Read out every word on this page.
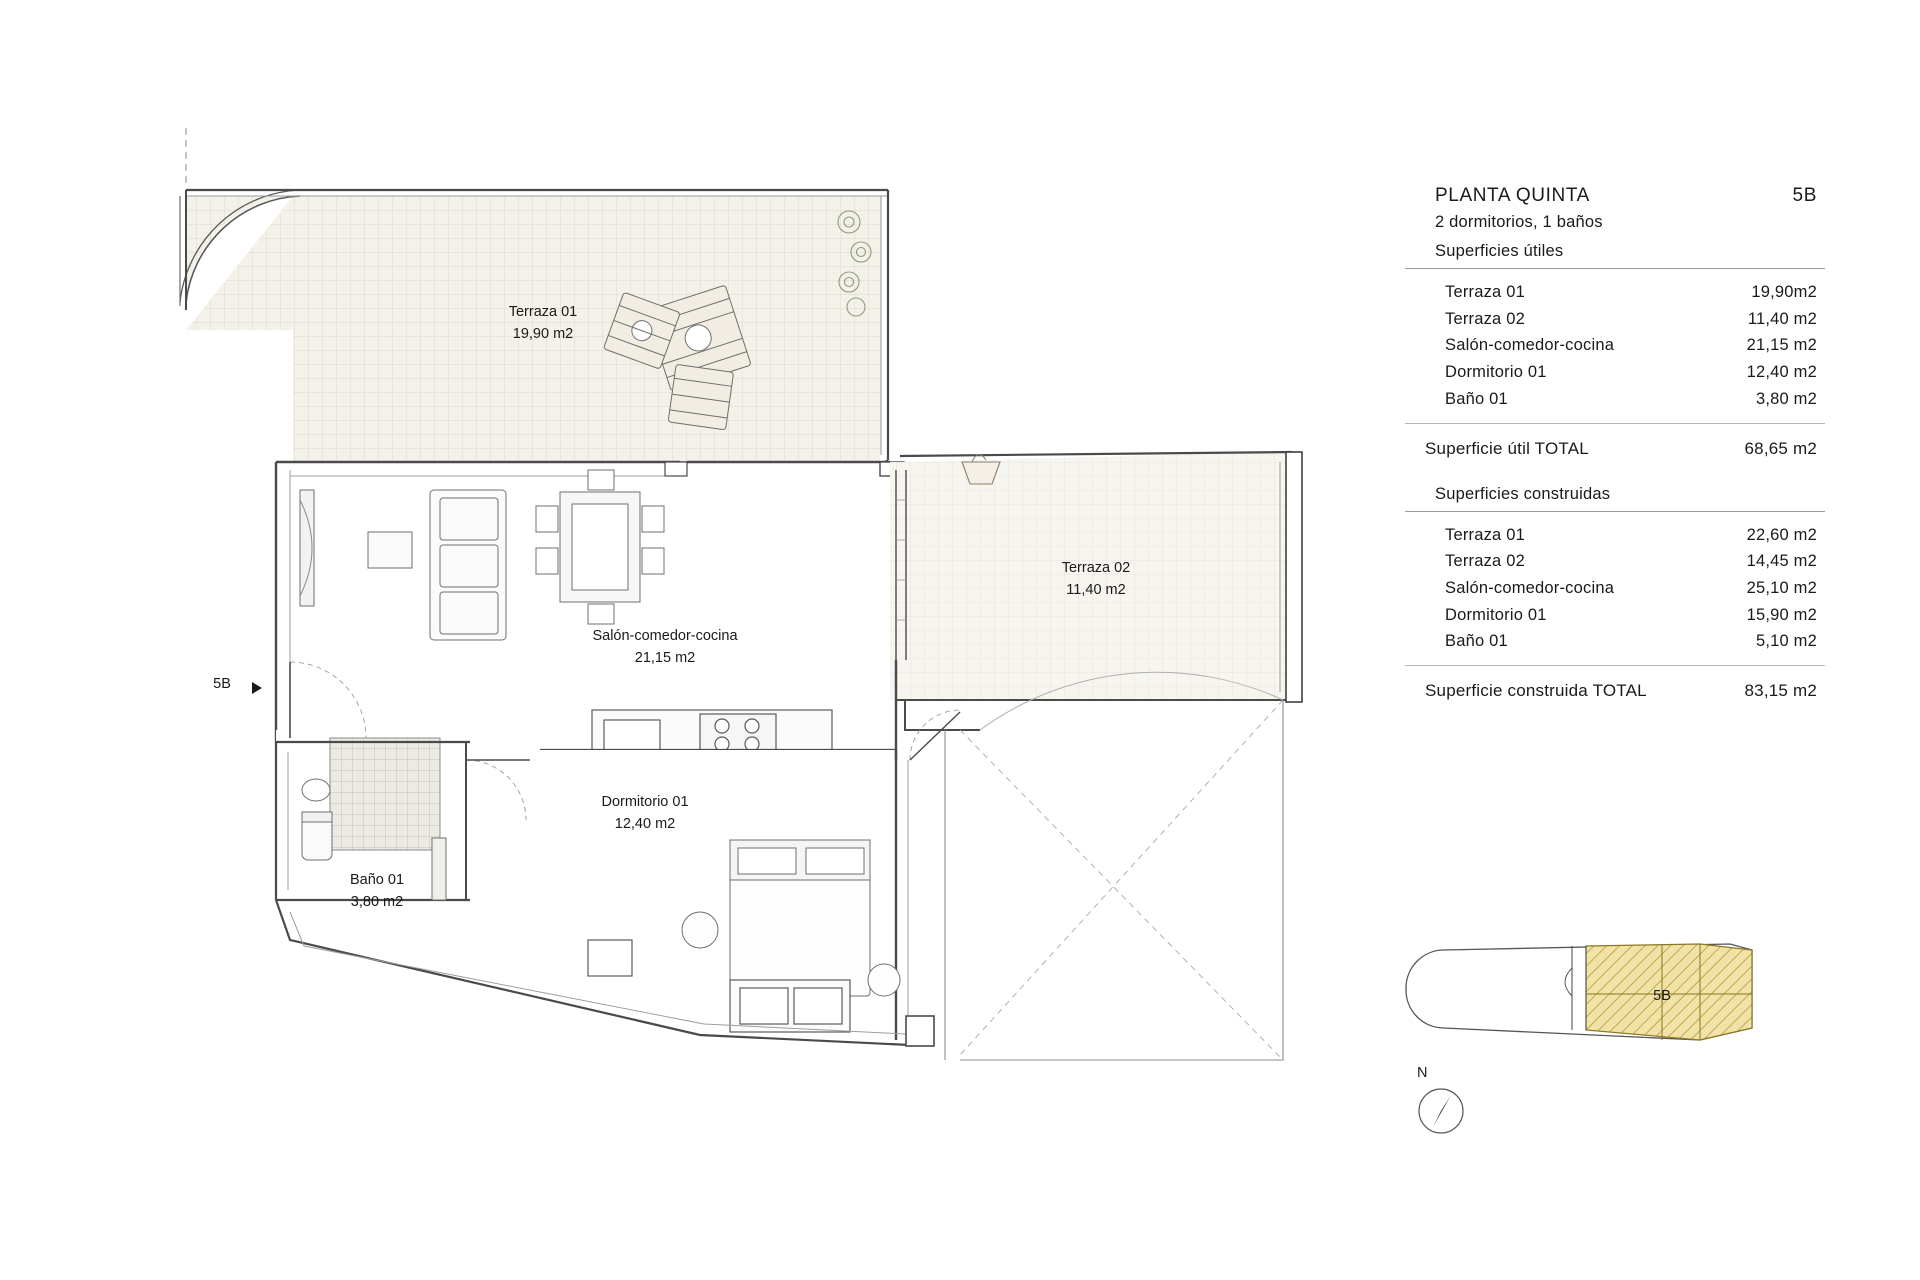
Terraza 01
19,90 m2
Terraza 02
11,40 m2
Salón-comedor-cocina
21,15 m2
Dormitorio 01
12,40 m2
Baño 01
3,80 m2
5B
PLANTA QUINTA	5B
2 dormitorios, 1 baños
Superficies útiles
Terraza 01	19,90m2
Terraza 02	11,40 m2
Salón-comedor-cocina	21,15 m2
Dormitorio 01	12,40 m2
Baño 01	3,80 m2
Superficie útil TOTAL	68,65 m2
Superficies construidas
Terraza 01	22,60 m2
Terraza 02	14,45 m2
Salón-comedor-cocina	25,10 m2
Dormitorio 01	15,90 m2
Baño 01	5,10 m2
Superficie construida TOTAL	83,15 m2
5B
N
